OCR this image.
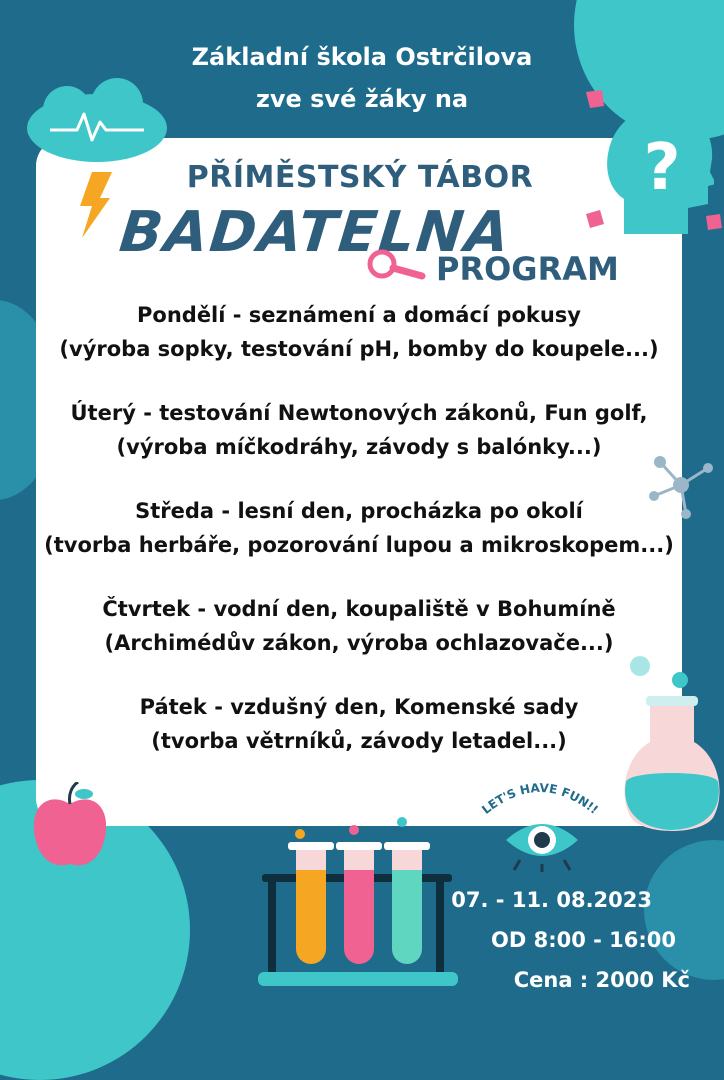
Základní škola Ostrčilova
zve své žáky na
?
PŘÍMĚSTSKÝ TÁBOR
BADATELNA
PROGRAM
Pondělí - seznámení a domácí pokusy
(výroba sopky, testování pH, bomby do koupele...)
Úterý - testování Newtonových zákonů, Fun golf,
(výroba míčkodráhy, závody s balónky...)
Středa - lesní den, procházka po okolí
(tvorba herbáře, pozorování lupou a mikroskopem...)
Čtvrtek - vodní den, koupaliště v Bohumíně
(Archimédův zákon, výroba ochlazovače...)
Pátek - vzdušný den, Komenské sady
(tvorba větrníků, závody letadel...)
LET'S HAVE FUN!!
07. - 11. 08.2023
OD 8:00 - 16:00
Cena : 2000 Kč
